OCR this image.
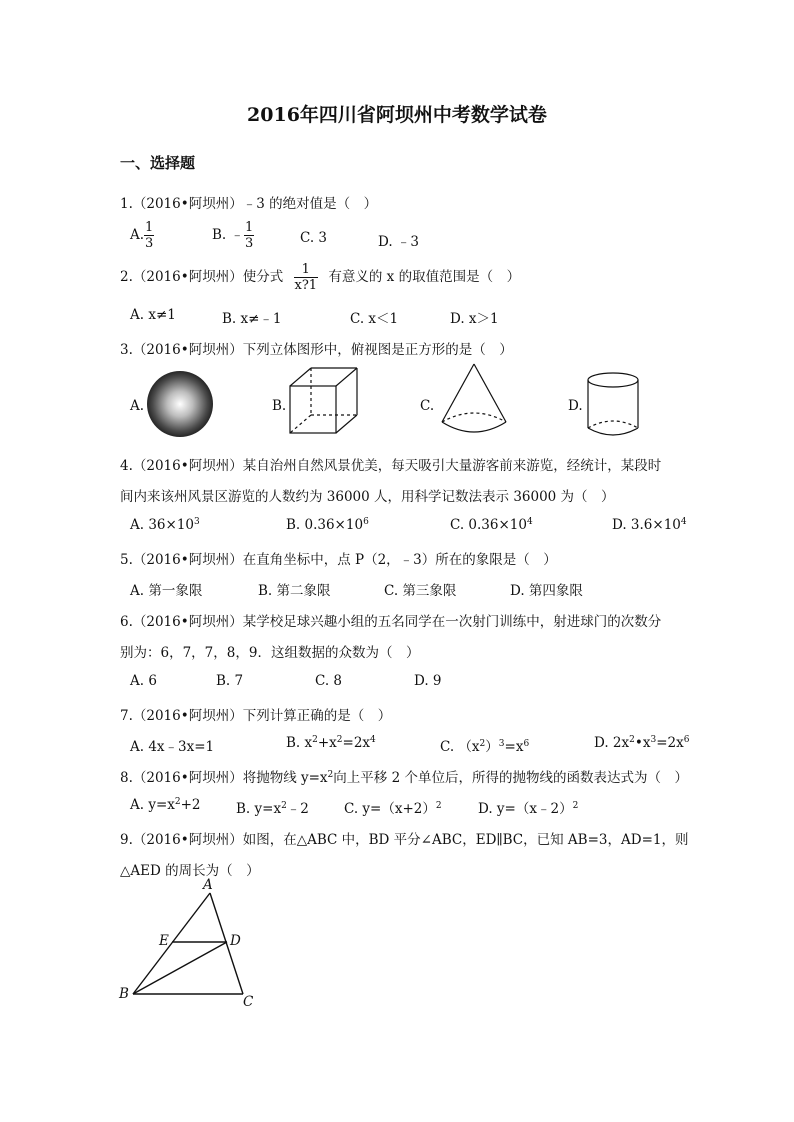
2016年四川省阿坝州中考数学试卷
一、选择题
1.（2016•阿坝州）﹣3 的绝对值是（　）
A. $\frac{1}{3}$	B. ﹣ $\frac{1}{3}$	C. 3	D. ﹣3
2.（2016•阿坝州）使分式 $\frac{1}{x?1}$ 有意义的 x 的取值范围是（　）
A. x≠1	B. x≠﹣1	C. x＜1	D. x＞1
3.（2016•阿坝州）下列立体图形中，俯视图是正方形的是（　）
A.	B.	C.	D.
4.（2016•阿坝州）某自治州自然风景优美，每天吸引大量游客前来游览，经统计，某段时
间内来该州风景区游览的人数约为 36000 人，用科学记数法表示 36000 为（　）
A. $36\times 10^3$	B. $0.36\times 10^6$	C. $0.36\times 10^4$	D. $3.6\times 10^4$
5.（2016•阿坝州）在直角坐标中，点 P（2，﹣3）所在的象限是（　）
A. 第一象限	B. 第二象限	C. 第三象限	D. 第四象限
6.（2016•阿坝州）某学校足球兴趣小组的五名同学在一次射门训练中，射进球门的次数分
别为：6，7，7，8，9．这组数据的众数为（　）
A. 6	B. 7	C. 8	D. 9
7.（2016•阿坝州）下列计算正确的是（　）
A. 4x﹣3x=1	B. $x^2+x^2=2x^4$	C. $(x^2)^3=x^6$	D. $2x^2•x^3=2x^6$
8.（2016•阿坝州）将抛物线 $y=x^2$向上平移 2 个单位后，所得的抛物线的函数表达式为（　）
A. $y=x^2+2$	B. $y=x^2﹣2$	C. $y=(x+2)^2$	D. y=（x﹣2）$^2$
9.（2016•阿坝州）如图，在△ABC 中，BD 平分∠ABC，ED∥BC，已知 AB=3，AD=1，则
△AED 的周长为（　）
A
E	D
B	C
